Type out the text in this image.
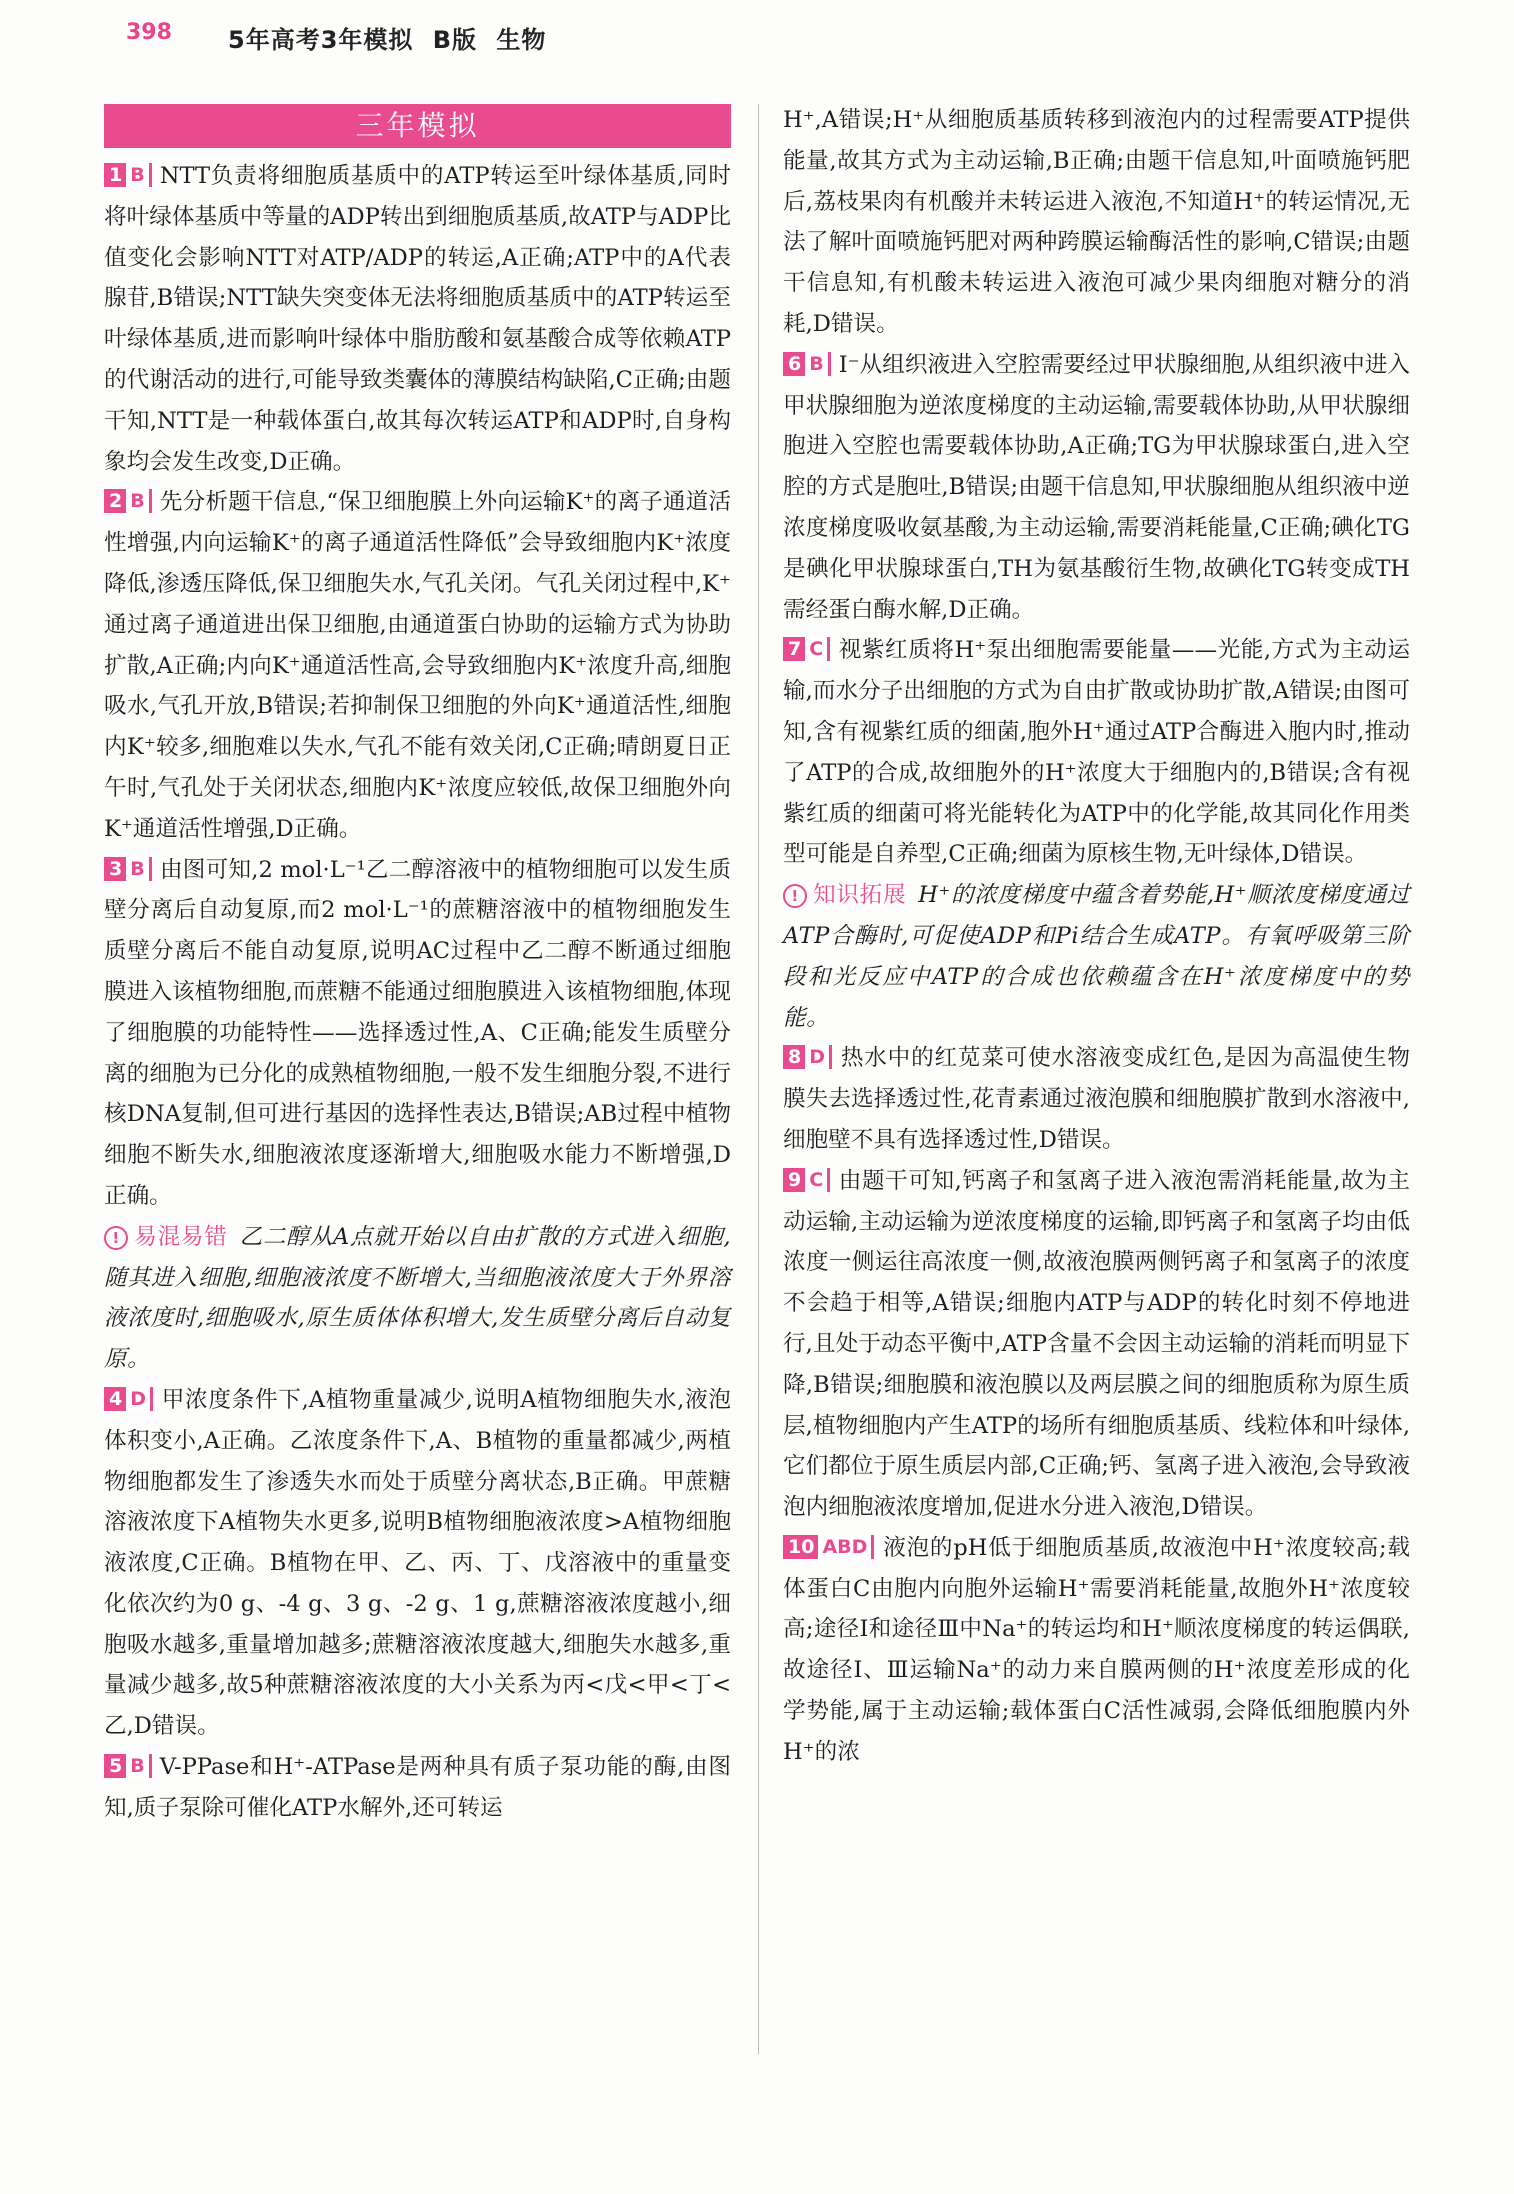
398 5年高考3年模拟 B版 生物
三年模拟

1 B NTT负责将细胞质基质中的ATP转运至叶绿体基质,同时将叶绿体基质中等量的ADP转出到细胞质基质,故ATP与ADP比值变化会影响NTT对ATP/ADP的转运,A正确;ATP中的A代表腺苷,B错误;NTT缺失突变体无法将细胞质基质中的ATP转运至叶绿体基质,进而影响叶绿体中脂肪酸和氨基酸合成等依赖ATP的代谢活动的进行,可能导致类囊体的薄膜结构缺陷,C正确;由题干知,NTT是一种载体蛋白,故其每次转运ATP和ADP时,自身构象均会发生改变,D正确。

2 B 先分析题干信息,“保卫细胞膜上外向运输K⁺的离子通道活性增强,内向运输K⁺的离子通道活性降低”会导致细胞内K⁺浓度降低,渗透压降低,保卫细胞失水,气孔关闭。气孔关闭过程中,K⁺通过离子通道进出保卫细胞,由通道蛋白协助的运输方式为协助扩散,A正确;内向K⁺通道活性高,会导致细胞内K⁺浓度升高,细胞吸水,气孔开放,B错误;若抑制保卫细胞的外向K⁺通道活性,细胞内K⁺较多,细胞难以失水,气孔不能有效关闭,C正确;晴朗夏日正午时,气孔处于关闭状态,细胞内K⁺浓度应较低,故保卫细胞外向K⁺通道活性增强,D正确。

3 B 由图可知,2 mol·L⁻¹乙二醇溶液中的植物细胞可以发生质壁分离后自动复原,而2 mol·L⁻¹的蔗糖溶液中的植物细胞发生质壁分离后不能自动复原,说明AC过程中乙二醇不断通过细胞膜进入该植物细胞,而蔗糖不能通过细胞膜进入该植物细胞,体现了细胞膜的功能特性——选择透过性,A、C正确;能发生质壁分离的细胞为已分化的成熟植物细胞,一般不发生细胞分裂,不进行核DNA复制,但可进行基因的选择性表达,B错误;AB过程中植物细胞不断失水,细胞液浓度逐渐增大,细胞吸水能力不断增强,D正确。

! 易混易错 乙二醇从A点就开始以自由扩散的方式进入细胞,随其进入细胞,细胞液浓度不断增大,当细胞液浓度大于外界溶液浓度时,细胞吸水,原生质体体积增大,发生质壁分离后自动复原。

4 D 甲浓度条件下,A植物重量减少,说明A植物细胞失水,液泡体积变小,A正确。乙浓度条件下,A、B植物的重量都减少,两植物细胞都发生了渗透失水而处于质壁分离状态,B正确。甲蔗糖溶液浓度下A植物失水更多,说明B植物细胞液浓度>A植物细胞液浓度,C正确。B植物在甲、乙、丙、丁、戊溶液中的重量变化依次约为0 g、-4 g、3 g、-2 g、1 g,蔗糖溶液浓度越小,细胞吸水越多,重量增加越多;蔗糖溶液浓度越大,细胞失水越多,重量减少越多,故5种蔗糖溶液浓度的大小关系为丙<戊<甲<丁<乙,D错误。

5 B V-PPase和H⁺-ATPase是两种具有质子泵功能的酶,由图知,质子泵除可催化ATP水解外,还可转运

H⁺,A错误;H⁺从细胞质基质转移到液泡内的过程需要ATP提供能量,故其方式为主动运输,B正确;由题干信息知,叶面喷施钙肥后,荔枝果肉有机酸并未转运进入液泡,不知道H⁺的转运情况,无法了解叶面喷施钙肥对两种跨膜运输酶活性的影响,C错误;由题干信息知,有机酸未转运进入液泡可减少果肉细胞对糖分的消耗,D错误。

6 B I⁻从组织液进入空腔需要经过甲状腺细胞,从组织液中进入甲状腺细胞为逆浓度梯度的主动运输,需要载体协助,从甲状腺细胞进入空腔也需要载体协助,A正确;TG为甲状腺球蛋白,进入空腔的方式是胞吐,B错误;由题干信息知,甲状腺细胞从组织液中逆浓度梯度吸收氨基酸,为主动运输,需要消耗能量,C正确;碘化TG是碘化甲状腺球蛋白,TH为氨基酸衍生物,故碘化TG转变成TH需经蛋白酶水解,D正确。

7 C 视紫红质将H⁺泵出细胞需要能量——光能,方式为主动运输,而水分子出细胞的方式为自由扩散或协助扩散,A错误;由图可知,含有视紫红质的细菌,胞外H⁺通过ATP合酶进入胞内时,推动了ATP的合成,故细胞外的H⁺浓度大于细胞内的,B错误;含有视紫红质的细菌可将光能转化为ATP中的化学能,故其同化作用类型可能是自养型,C正确;细菌为原核生物,无叶绿体,D错误。

! 知识拓展 H⁺的浓度梯度中蕴含着势能,H⁺顺浓度梯度通过ATP合酶时,可促使ADP和Pi结合生成ATP。有氧呼吸第三阶段和光反应中ATP的合成也依赖蕴含在H⁺浓度梯度中的势能。

8 D 热水中的红苋菜可使水溶液变成红色,是因为高温使生物膜失去选择透过性,花青素通过液泡膜和细胞膜扩散到水溶液中,细胞壁不具有选择透过性,D错误。

9 C 由题干可知,钙离子和氢离子进入液泡需消耗能量,故为主动运输,主动运输为逆浓度梯度的运输,即钙离子和氢离子均由低浓度一侧运往高浓度一侧,故液泡膜两侧钙离子和氢离子的浓度不会趋于相等,A错误;细胞内ATP与ADP的转化时刻不停地进行,且处于动态平衡中,ATP含量不会因主动运输的消耗而明显下降,B错误;细胞膜和液泡膜以及两层膜之间的细胞质称为原生质层,植物细胞内产生ATP的场所有细胞质基质、线粒体和叶绿体,它们都位于原生质层内部,C正确;钙、氢离子进入液泡,会导致液泡内细胞液浓度增加,促进水分进入液泡,D错误。

10 ABD 液泡的pH低于细胞质基质,故液泡中H⁺浓度较高;载体蛋白C由胞内向胞外运输H⁺需要消耗能量,故胞外H⁺浓度较高;途径Ⅰ和途径Ⅲ中Na⁺的转运均和H⁺顺浓度梯度的转运偶联,故途径Ⅰ、Ⅲ运输Na⁺的动力来自膜两侧的H⁺浓度差形成的化学势能,属于主动运输;载体蛋白C活性减弱,会降低细胞膜内外H⁺的浓
